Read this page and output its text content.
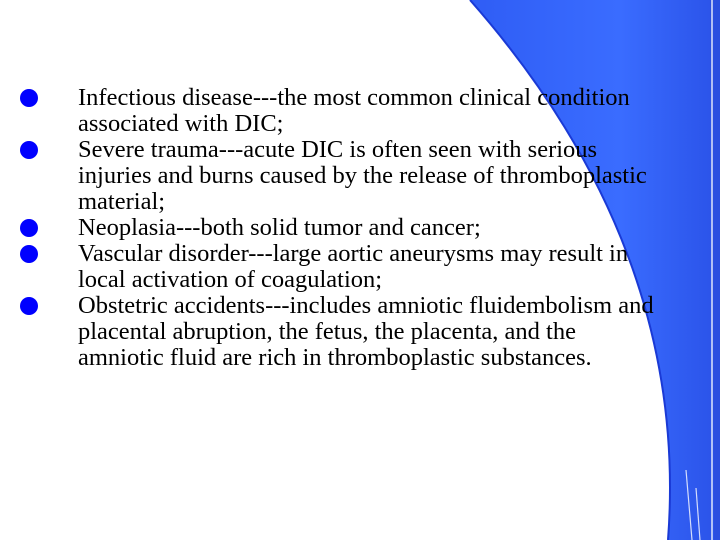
Infectious disease---the most common clinical condition associated with DIC;
Severe trauma---acute DIC is often seen with serious injuries and burns caused by the release of thromboplastic material;
Neoplasia---both solid tumor and cancer;
Vascular disorder---large aortic aneurysms may result in local activation of coagulation;
Obstetric accidents---includes amniotic fluidembolism and placental abruption, the fetus, the placenta, and the amniotic fluid are rich in thromboplastic substances.
